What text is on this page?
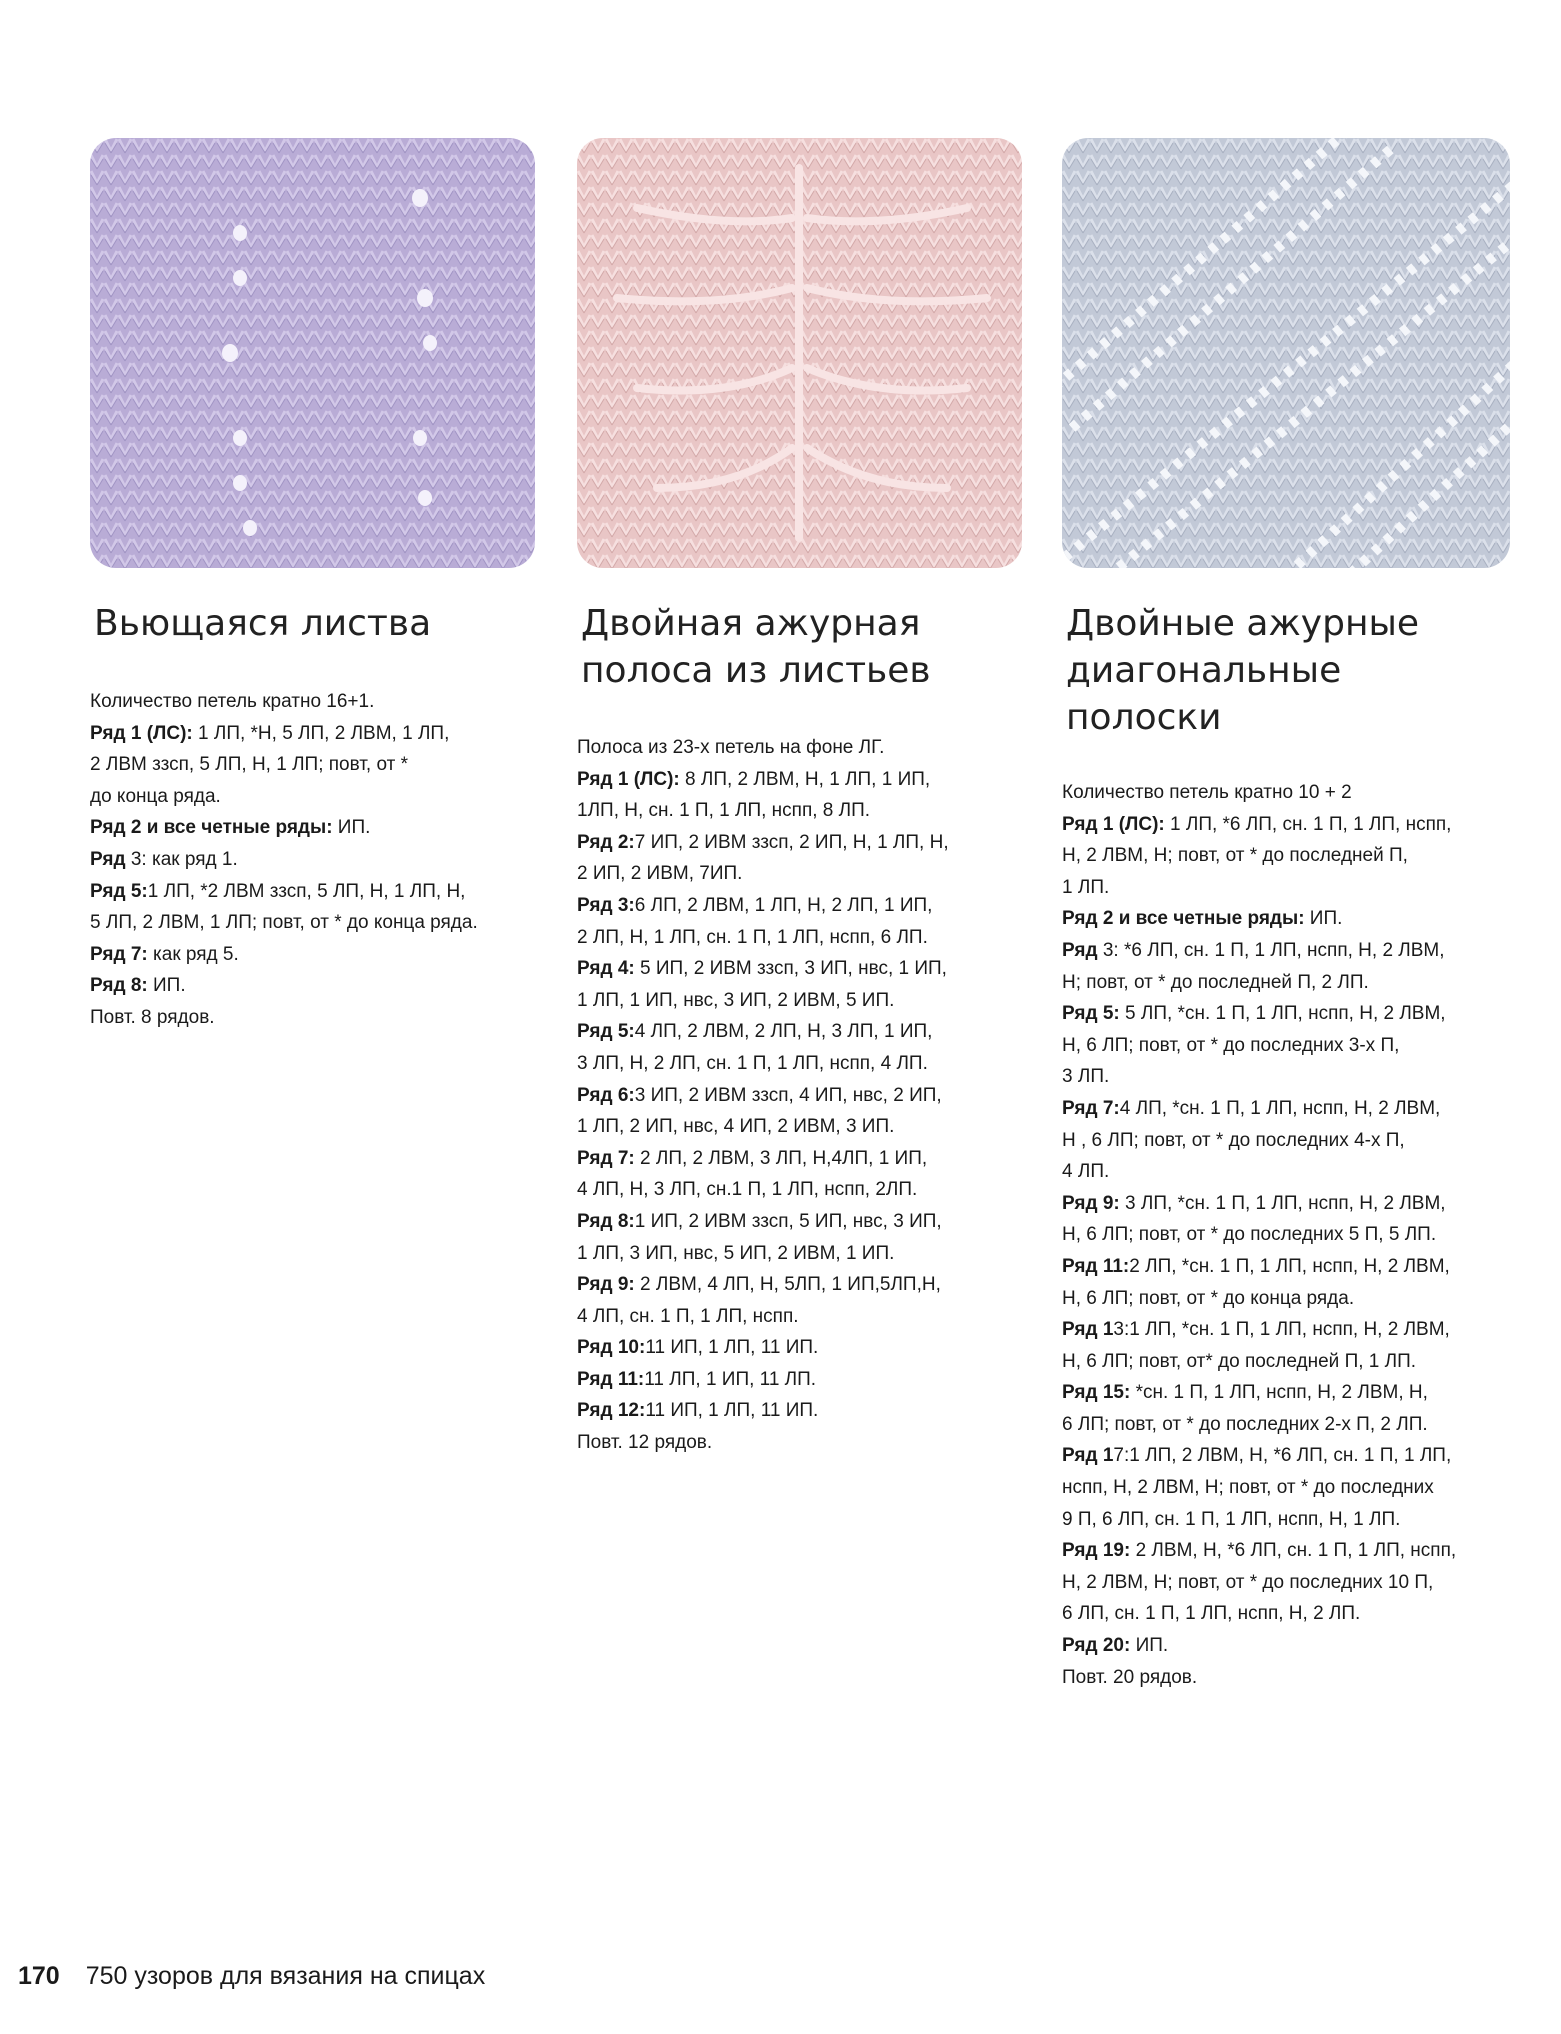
Вьющаяся листва
Количество петель кратно 16+1.
Ряд 1 (ЛС): 1 ЛП, *Н, 5 ЛП, 2 ЛВМ, 1 ЛП,
2 ЛВМ ззсп, 5 ЛП, Н, 1 ЛП; повт, от *
до конца ряда.
Ряд 2 и все четные ряды: ИП.
Ряд 3: как ряд 1.
Ряд 5:1 ЛП, *2 ЛВМ ззсп, 5 ЛП, Н, 1 ЛП, Н,
5 ЛП, 2 ЛВМ, 1 ЛП; повт, от * до конца ряда.
Ряд 7: как ряд 5.
Ряд 8: ИП.
Повт. 8 рядов.
Двойная ажурная
полоса из листьев
Полоса из 23-х петель на фоне ЛГ.
Ряд 1 (ЛС): 8 ЛП, 2 ЛВМ, Н, 1 ЛП, 1 ИП,
1ЛП, Н, сн. 1 П, 1 ЛП, нспп, 8 ЛП.
Ряд 2:7 ИП, 2 ИВМ ззсп, 2 ИП, Н, 1 ЛП, Н,
2 ИП, 2 ИВМ, 7ИП.
Ряд 3:6 ЛП, 2 ЛВМ, 1 ЛП, Н, 2 ЛП, 1 ИП,
2 ЛП, Н, 1 ЛП, сн. 1 П, 1 ЛП, нспп, 6 ЛП.
Ряд 4: 5 ИП, 2 ИВМ ззсп, 3 ИП, нвс, 1 ИП,
1 ЛП, 1 ИП, нвс, 3 ИП, 2 ИВМ, 5 ИП.
Ряд 5:4 ЛП, 2 ЛВМ, 2 ЛП, Н, 3 ЛП, 1 ИП,
3 ЛП, Н, 2 ЛП, сн. 1 П, 1 ЛП, нспп, 4 ЛП.
Ряд 6:3 ИП, 2 ИВМ ззсп, 4 ИП, нвс, 2 ИП,
1 ЛП, 2 ИП, нвс, 4 ИП, 2 ИВМ, 3 ИП.
Ряд 7: 2 ЛП, 2 ЛВМ, 3 ЛП, Н,4ЛП, 1 ИП,
4 ЛП, Н, 3 ЛП, сн.1 П, 1 ЛП, нспп, 2ЛП.
Ряд 8:1 ИП, 2 ИВМ ззсп, 5 ИП, нвс, 3 ИП,
1 ЛП, 3 ИП, нвс, 5 ИП, 2 ИВМ, 1 ИП.
Ряд 9: 2 ЛВМ, 4 ЛП, Н, 5ЛП, 1 ИП,5ЛП,Н,
4 ЛП, сн. 1 П, 1 ЛП, нспп.
Ряд 10:11 ИП, 1 ЛП, 11 ИП.
Ряд 11:11 ЛП, 1 ИП, 11 ЛП.
Ряд 12:11 ИП, 1 ЛП, 11 ИП.
Повт. 12 рядов.
Двойные ажурные
диагональные
полоски
Количество петель кратно 10 + 2
Ряд 1 (ЛС): 1 ЛП, *6 ЛП, сн. 1 П, 1 ЛП, нспп,
Н, 2 ЛВМ, Н; повт, от * до последней П,
1 ЛП.
Ряд 2 и все четные ряды: ИП.
Ряд 3: *6 ЛП, сн. 1 П, 1 ЛП, нспп, Н, 2 ЛВМ,
Н; повт, от * до последней П, 2 ЛП.
Ряд 5: 5 ЛП, *сн. 1 П, 1 ЛП, нспп, Н, 2 ЛВМ,
Н, 6 ЛП; повт, от * до последних 3-х П,
3 ЛП.
Ряд 7:4 ЛП, *сн. 1 П, 1 ЛП, нспп, Н, 2 ЛВМ,
Н , 6 ЛП; повт, от * до последних 4-х П,
4 ЛП.
Ряд 9: 3 ЛП, *сн. 1 П, 1 ЛП, нспп, Н, 2 ЛВМ,
Н, 6 ЛП; повт, от * до последних 5 П, 5 ЛП.
Ряд 11:2 ЛП, *сн. 1 П, 1 ЛП, нспп, Н, 2 ЛВМ,
Н, 6 ЛП; повт, от * до конца ряда.
Ряд 13:1 ЛП, *сн. 1 П, 1 ЛП, нспп, Н, 2 ЛВМ,
Н, 6 ЛП; повт, от* до последней П, 1 ЛП.
Ряд 15: *сн. 1 П, 1 ЛП, нспп, Н, 2 ЛВМ, Н,
6 ЛП; повт, от * до последних 2-х П, 2 ЛП.
Ряд 17:1 ЛП, 2 ЛВМ, Н, *6 ЛП, сн. 1 П, 1 ЛП,
нспп, Н, 2 ЛВМ, Н; повт, от * до последних
9 П, 6 ЛП, сн. 1 П, 1 ЛП, нспп, Н, 1 ЛП.
Ряд 19: 2 ЛВМ, Н, *6 ЛП, сн. 1 П, 1 ЛП, нспп,
Н, 2 ЛВМ, Н; повт, от * до последних 10 П,
6 ЛП, сн. 1 П, 1 ЛП, нспп, Н, 2 ЛП.
Ряд 20: ИП.
Повт. 20 рядов.
170 750 узоров для вязания на спицах
